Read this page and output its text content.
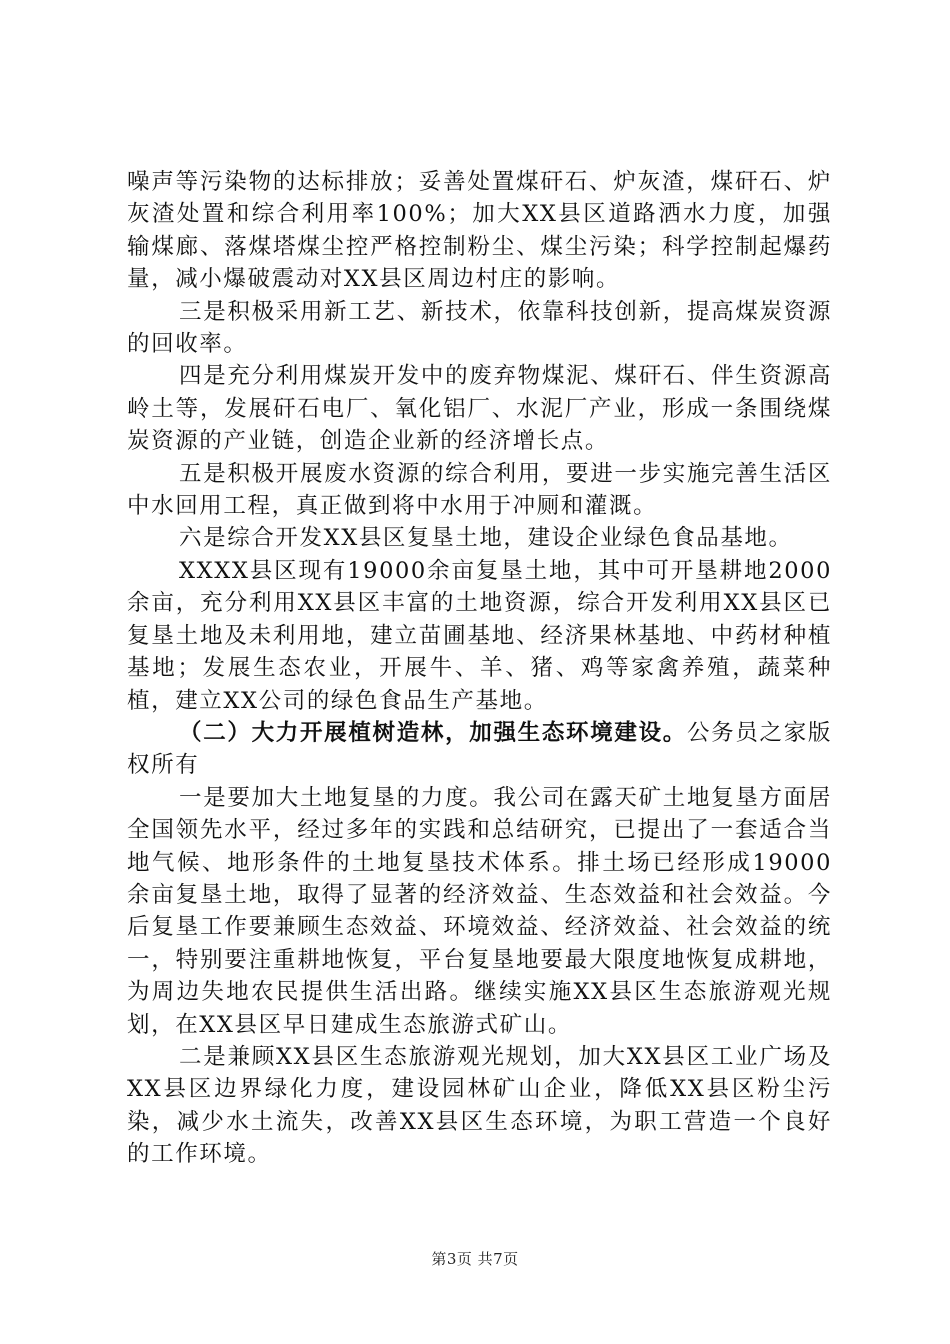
噪声等污染物的达标排放；妥善处置煤矸石、炉灰渣，煤矸石、炉灰渣处置和综合利用率100%；加大XX县区道路洒水力度，加强输煤廊、落煤塔煤尘控严格控制粉尘、煤尘污染；科学控制起爆药量，减小爆破震动对XX县区周边村庄的影响。

三是积极采用新工艺、新技术，依靠科技创新，提高煤炭资源的回收率。

四是充分利用煤炭开发中的废弃物煤泥、煤矸石、伴生资源高岭土等，发展矸石电厂、氧化铝厂、水泥厂产业，形成一条围绕煤炭资源的产业链，创造企业新的经济增长点。

五是积极开展废水资源的综合利用，要进一步实施完善生活区中水回用工程，真正做到将中水用于冲厕和灌溉。

六是综合开发XX县区复垦土地，建设企业绿色食品基地。

XXXX县区现有19000余亩复垦土地，其中可开垦耕地2000余亩，充分利用XX县区丰富的土地资源，综合开发利用XX县区已复垦土地及未利用地，建立苗圃基地、经济果林基地、中药材种植基地；发展生态农业，开展牛、羊、猪、鸡等家禽养殖，蔬菜种植，建立XX公司的绿色食品生产基地。

（二）大力开展植树造林，加强生态环境建设。公务员之家版权所有

一是要加大土地复垦的力度。我公司在露天矿土地复垦方面居全国领先水平，经过多年的实践和总结研究，已提出了一套适合当地气候、地形条件的土地复垦技术体系。排土场已经形成19000余亩复垦土地，取得了显著的经济效益、生态效益和社会效益。今后复垦工作要兼顾生态效益、环境效益、经济效益、社会效益的统一，特别要注重耕地恢复，平台复垦地要最大限度地恢复成耕地，为周边失地农民提供生活出路。继续实施XX县区生态旅游观光规划，在XX县区早日建成生态旅游式矿山。

二是兼顾XX县区生态旅游观光规划，加大XX县区工业广场及XX县区边界绿化力度，建设园林矿山企业，降低XX县区粉尘污染，减少水土流失，改善XX县区生态环境，为职工营造一个良好的工作环境。

第3页 共7页
